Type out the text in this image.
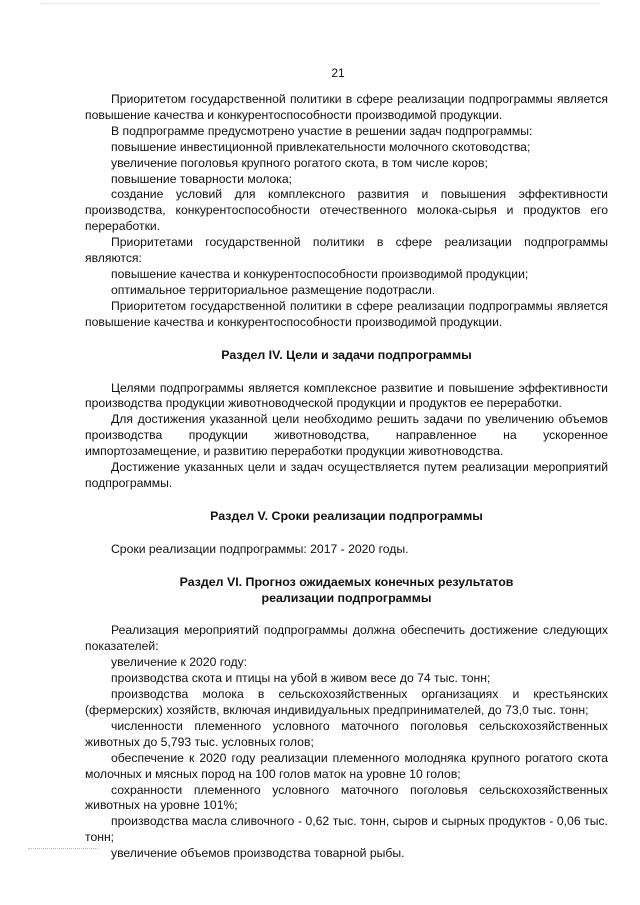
21

Приоритетом государственной политики в сфере реализации подпрограммы является повышение качества и конкурентоспособности производимой продукции.

В подпрограмме предусмотрено участие в решении задач подпрограммы:

повышение инвестиционной привлекательности молочного скотоводства;

увеличение поголовья крупного рогатого скота, в том числе коров;

повышение товарности молока;

создание условий для комплексного развития и повышения эффективности производства, конкурентоспособности отечественного молока-сырья и продуктов его переработки.

Приоритетами государственной политики в сфере реализации подпрограммы являются:

повышение качества и конкурентоспособности производимой продукции;

оптимальное территориальное размещение подотрасли.

Приоритетом государственной политики в сфере реализации подпрограммы является повышение качества и конкурентоспособности производимой продукции.

Раздел IV. Цели и задачи подпрограммы

Целями подпрограммы является комплексное развитие и повышение эффективности производства продукции животноводческой продукции и продуктов ее переработки.

Для достижения указанной цели необходимо решить задачи по увеличению объемов производства продукции животноводства, направленное на ускоренное импортозамещение, и развитию переработки продукции животноводства.

Достижение указанных цели и задач осуществляется путем реализации мероприятий подпрограммы.

Раздел V. Сроки реализации подпрограммы

Сроки реализации подпрограммы: 2017 - 2020 годы.

Раздел VI. Прогноз ожидаемых конечных результатов

реализации подпрограммы

Реализация мероприятий подпрограммы должна обеспечить достижение следующих показателей:

увеличение к 2020 году:

производства скота и птицы на убой в живом весе до 74 тыс. тонн;

производства молока в сельскохозяйственных организациях и крестьянских (фермерских) хозяйств, включая индивидуальных предпринимателей, до 73,0 тыс. тонн;

численности племенного условного маточного поголовья сельскохозяйственных животных до 5,793 тыс. условных голов;

обеспечение к 2020 году реализации племенного молодняка крупного рогатого скота молочных и мясных пород на 100 голов маток на уровне 10 голов;

сохранности племенного условного маточного поголовья сельскохозяйственных животных на уровне 101%;

производства масла сливочного - 0,62 тыс. тонн, сыров и сырных продуктов - 0,06 тыс. тонн;

увеличение объемов производства товарной рыбы.
